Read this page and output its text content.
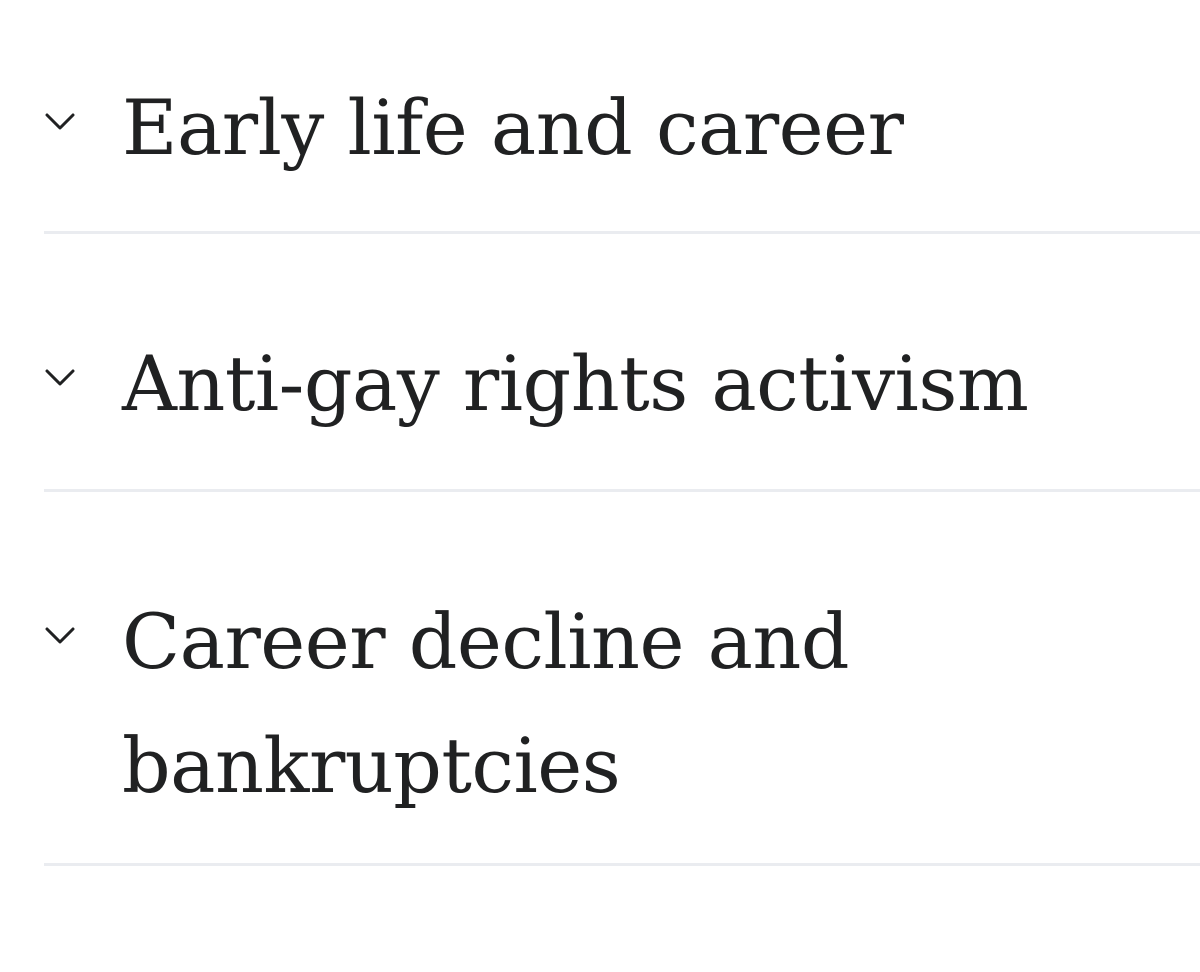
Early life and career
Anti-gay rights activism
Career decline and
bankruptcies
